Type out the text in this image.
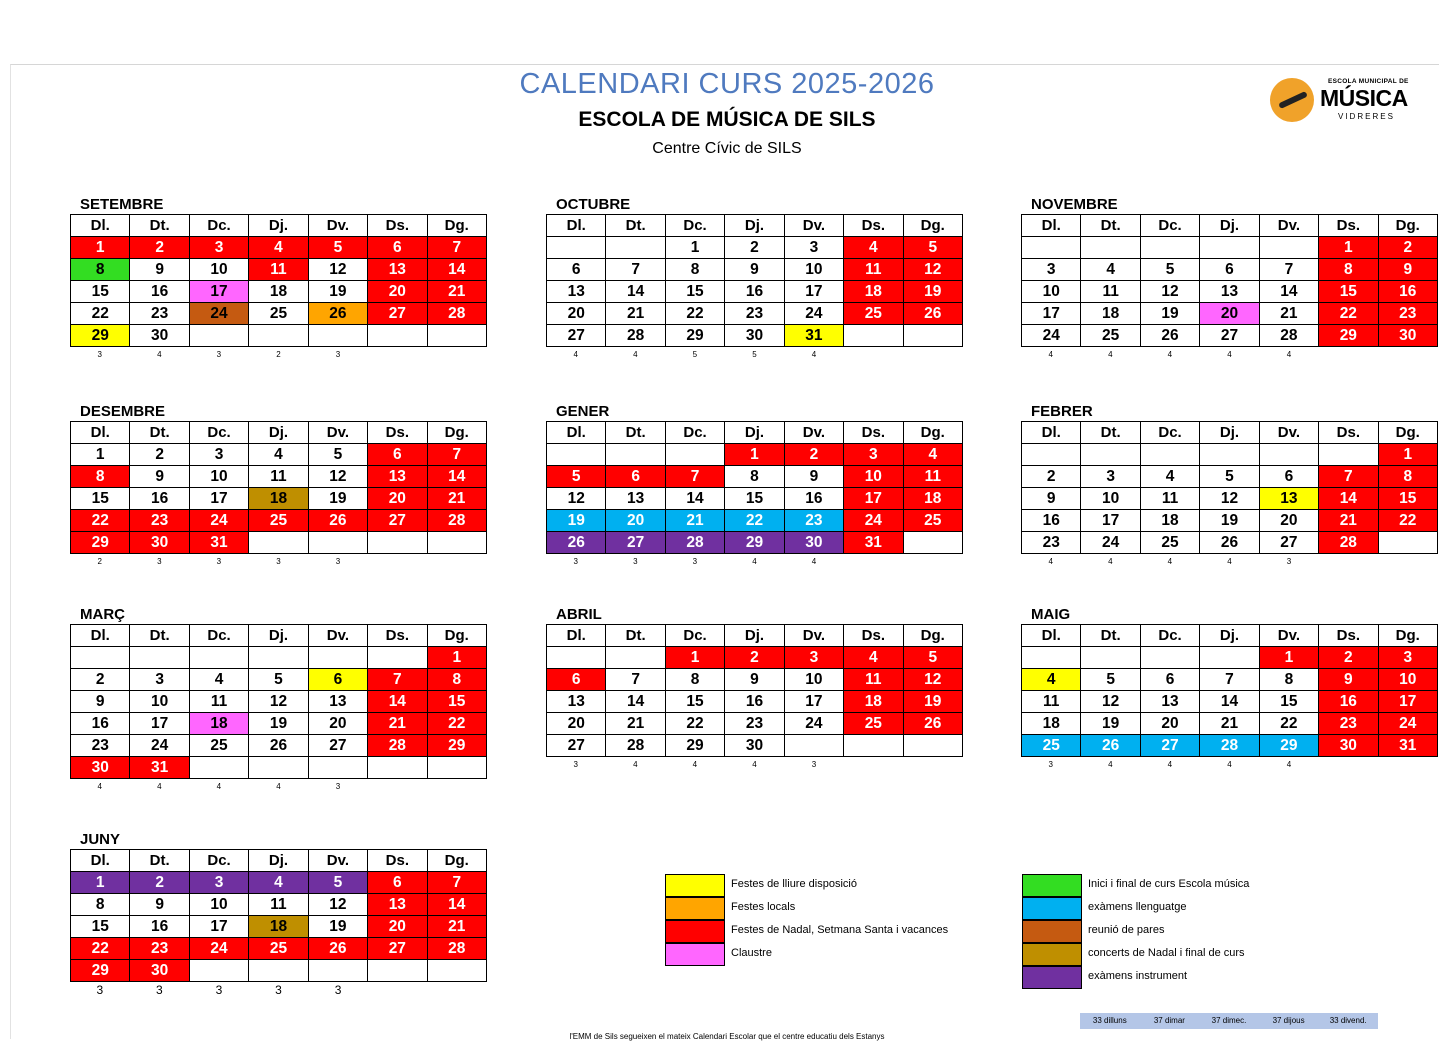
CALENDARI CURS 2025-2026
ESCOLA DE MÚSICA DE SILS
Centre Cívic de SILS
ESCOLA MUNICIPAL DE
MÚSICA
VIDRERES
SETEMBRE
Dl.	Dt.	Dc.	Dj.	Dv.	Ds.	Dg.
1	2	3	4	5	6	7
8	9	10	11	12	13	14
15	16	17	18	19	20	21
22	23	24	25	26	27	28
29	30					
3	4	3	2	3
OCTUBRE
Dl.	Dt.	Dc.	Dj.	Dv.	Ds.	Dg.
		1	2	3	4	5
6	7	8	9	10	11	12
13	14	15	16	17	18	19
20	21	22	23	24	25	26
27	28	29	30	31		
4	4	5	5	4
NOVEMBRE
Dl.	Dt.	Dc.	Dj.	Dv.	Ds.	Dg.
					1	2
3	4	5	6	7	8	9
10	11	12	13	14	15	16
17	18	19	20	21	22	23
24	25	26	27	28	29	30
4	4	4	4	4
DESEMBRE
Dl.	Dt.	Dc.	Dj.	Dv.	Ds.	Dg.
1	2	3	4	5	6	7
8	9	10	11	12	13	14
15	16	17	18	19	20	21
22	23	24	25	26	27	28
29	30	31				
2	3	3	3	3
GENER
Dl.	Dt.	Dc.	Dj.	Dv.	Ds.	Dg.
			1	2	3	4
5	6	7	8	9	10	11
12	13	14	15	16	17	18
19	20	21	22	23	24	25
26	27	28	29	30	31	
3	3	3	4	4
FEBRER
Dl.	Dt.	Dc.	Dj.	Dv.	Ds.	Dg.
						1
2	3	4	5	6	7	8
9	10	11	12	13	14	15
16	17	18	19	20	21	22
23	24	25	26	27	28	
4	4	4	4	3
MARÇ
Dl.	Dt.	Dc.	Dj.	Dv.	Ds.	Dg.
						1
2	3	4	5	6	7	8
9	10	11	12	13	14	15
16	17	18	19	20	21	22
23	24	25	26	27	28	29
30	31					
4	4	4	4	3
ABRIL
Dl.	Dt.	Dc.	Dj.	Dv.	Ds.	Dg.
		1	2	3	4	5
6	7	8	9	10	11	12
13	14	15	16	17	18	19
20	21	22	23	24	25	26
27	28	29	30			
3	4	4	4	3
MAIG
Dl.	Dt.	Dc.	Dj.	Dv.	Ds.	Dg.
				1	2	3
4	5	6	7	8	9	10
11	12	13	14	15	16	17
18	19	20	21	22	23	24
25	26	27	28	29	30	31
3	4	4	4	4
JUNY
Dl.	Dt.	Dc.	Dj.	Dv.	Ds.	Dg.
1	2	3	4	5	6	7
8	9	10	11	12	13	14
15	16	17	18	19	20	21
22	23	24	25	26	27	28
29	30					
3	3	3	3	3
Festes de lliure disposició
Festes locals
Festes de Nadal, Setmana Santa i vacances
Claustre
Inici i final de curs Escola música
exàmens llenguatge
reunió de pares
concerts de Nadal i final de curs
exàmens instrument
33 dilluns	37 dimar	37 dimec.	37 dijous	33 divend.
l'EMM de Sils segueixen el mateix Calendari Escolar que el centre educatiu dels Estanys
